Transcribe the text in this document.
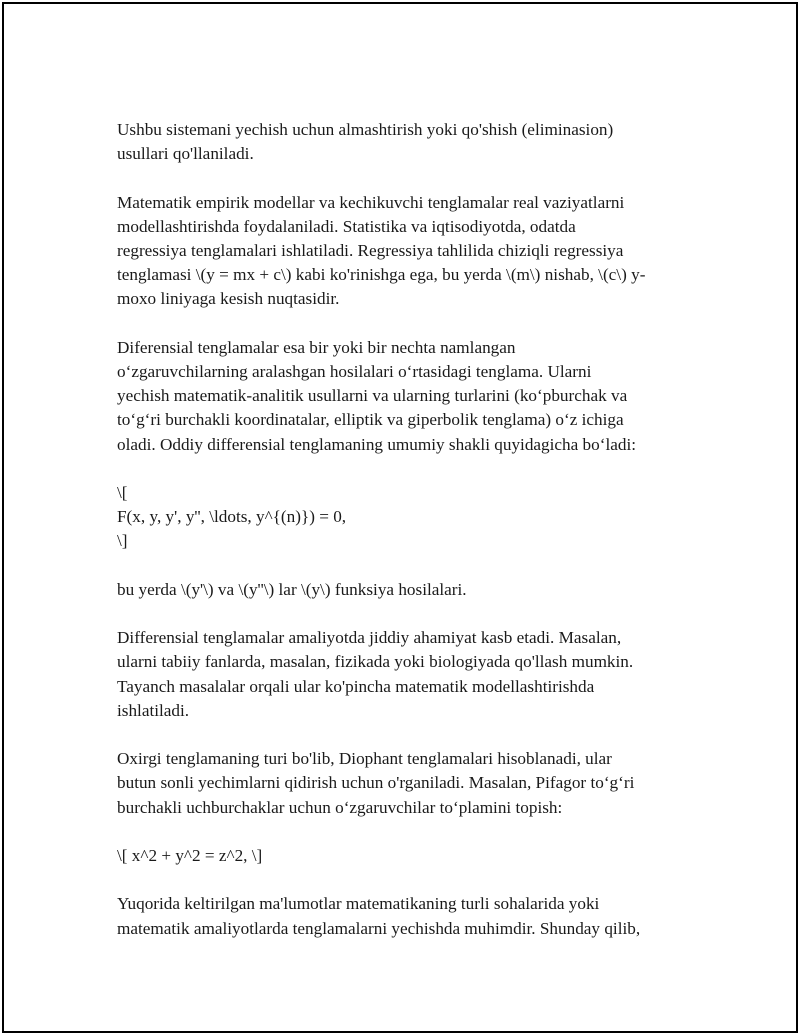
Ushbu sistemani yechish uchun almashtirish yoki qo'shish (eliminasion)
usullari qo'llaniladi.

Matematik empirik modellar va kechikuvchi tenglamalar real vaziyatlarni
modellashtirishda foydalaniladi. Statistika va iqtisodiyotda, odatda
regressiya tenglamalari ishlatiladi. Regressiya tahlilida chiziqli regressiya
tenglamasi \(y = mx + c\) kabi ko'rinishga ega, bu yerda \(m\) nishab, \(c\) y-
moxo liniyaga kesish nuqtasidir.

Diferensial tenglamalar esa bir yoki bir nechta namlangan
o‘zgaruvchilarning aralashgan hosilalari o‘rtasidagi tenglama. Ularni
yechish matematik-analitik usullarni va ularning turlarini (ko‘pburchak va
to‘g‘ri burchakli koordinatalar, elliptik va giperbolik tenglama) o‘z ichiga
oladi. Oddiy differensial tenglamaning umumiy shakli quyidagicha bo‘ladi:

\[
F(x, y, y', y'', \ldots, y^{(n)}) = 0,
\]

bu yerda \(y'\) va \(y''\) lar \(y\) funksiya hosilalari.

Differensial tenglamalar amaliyotda jiddiy ahamiyat kasb etadi. Masalan,
ularni tabiiy fanlarda, masalan, fizikada yoki biologiyada qo'llash mumkin.
Tayanch masalalar orqali ular ko'pincha matematik modellashtirishda
ishlatiladi.

Oxirgi tenglamaning turi bo'lib, Diophant tenglamalari hisoblanadi, ular
butun sonli yechimlarni qidirish uchun o'rganiladi. Masalan, Pifagor to‘g‘ri
burchakli uchburchaklar uchun o‘zgaruvchilar to‘plamini topish:

\[ x^2 + y^2 = z^2, \]

Yuqorida keltirilgan ma'lumotlar matematikaning turli sohalarida yoki
matematik amaliyotlarda tenglamalarni yechishda muhimdir. Shunday qilib,
